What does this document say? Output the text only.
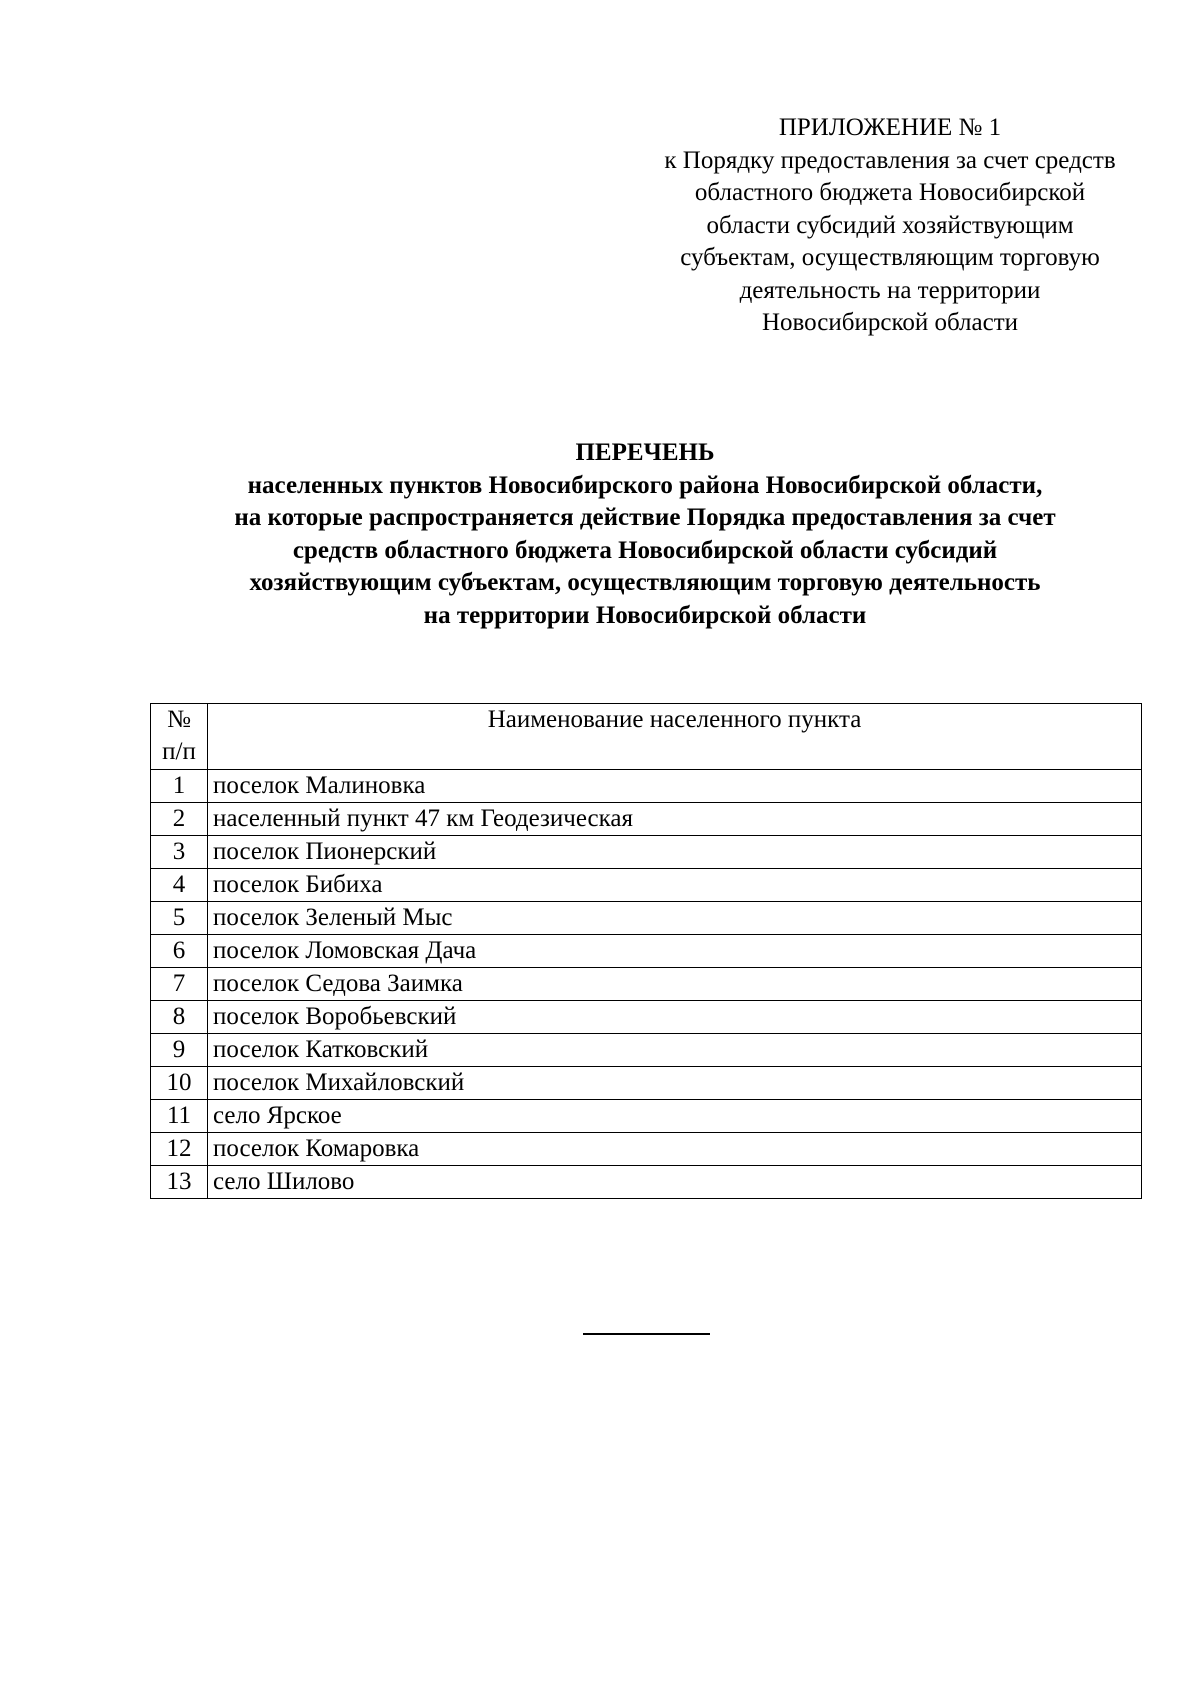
ПРИЛОЖЕНИЕ № 1
к Порядку предоставления за счет средств
областного бюджета Новосибирской
области субсидий хозяйствующим
субъектам, осуществляющим торговую
деятельность на территории
Новосибирской области
ПЕРЕЧЕНЬ
населенных пунктов Новосибирского района Новосибирской области,
на которые распространяется действие Порядка предоставления за счет
средств областного бюджета Новосибирской области субсидий
хозяйствующим субъектам, осуществляющим торговую деятельность
на территории Новосибирской области
№
п/п	Наименование населенного пункта
1	поселок Малиновка
2	населенный пункт 47 км Геодезическая
3	поселок Пионерский
4	поселок Бибиха
5	поселок Зеленый Мыс
6	поселок Ломовская Дача
7	поселок Седова Заимка
8	поселок Воробьевский
9	поселок Катковский
10	поселок Михайловский
11	село Ярское
12	поселок Комаровка
13	село Шилово
